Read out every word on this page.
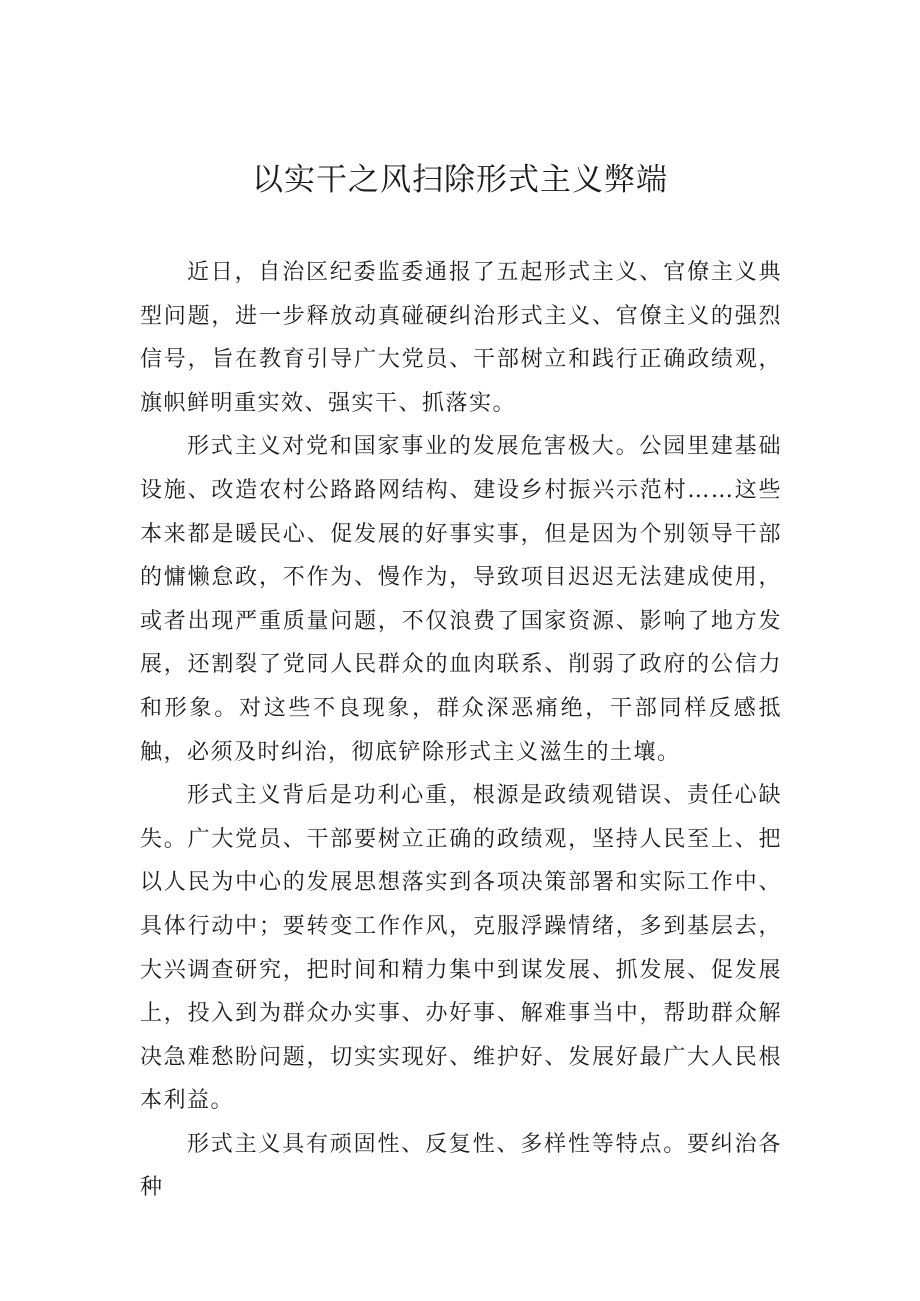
以实干之风扫除形式主义弊端

近日，自治区纪委监委通报了五起形式主义、官僚主义典型问题，进一步释放动真碰硬纠治形式主义、官僚主义的强烈信号，旨在教育引导广大党员、干部树立和践行正确政绩观，旗帜鲜明重实效、强实干、抓落实。

形式主义对党和国家事业的发展危害极大。公园里建基础设施、改造农村公路路网结构、建设乡村振兴示范村……这些本来都是暖民心、促发展的好事实事，但是因为个别领导干部的慵懒怠政，不作为、慢作为，导致项目迟迟无法建成使用，或者出现严重质量问题，不仅浪费了国家资源、影响了地方发展，还割裂了党同人民群众的血肉联系、削弱了政府的公信力和形象。对这些不良现象，群众深恶痛绝，干部同样反感抵触，必须及时纠治，彻底铲除形式主义滋生的土壤。

形式主义背后是功利心重，根源是政绩观错误、责任心缺失。广大党员、干部要树立正确的政绩观，坚持人民至上、把以人民为中心的发展思想落实到各项决策部署和实际工作中、具体行动中；要转变工作作风，克服浮躁情绪，多到基层去，大兴调查研究，把时间和精力集中到谋发展、抓发展、促发展上，投入到为群众办实事、办好事、解难事当中，帮助群众解决急难愁盼问题，切实实现好、维护好、发展好最广大人民根本利益。

形式主义具有顽固性、反复性、多样性等特点。要纠治各种
